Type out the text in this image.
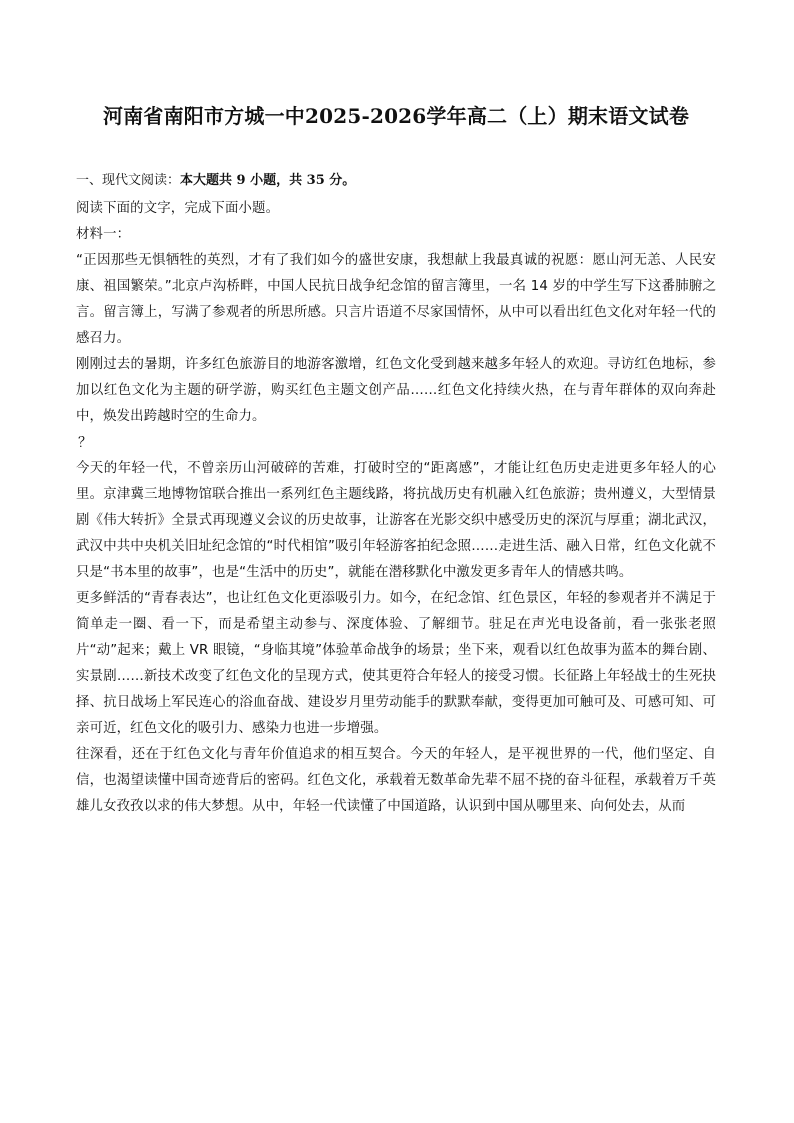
河南省南阳市方城一中2025-2026学年高二（上）期末语文试卷
一、现代文阅读：本大题共 9 小题，共 35 分。

阅读下面的文字，完成下面小题。

材料一：

“正因那些无惧牺牲的英烈，才有了我们如今的盛世安康，我想献上我最真诚的祝愿：愿山河无恙、人民安康、祖国繁荣。”北京卢沟桥畔，中国人民抗日战争纪念馆的留言簿里，一名 14 岁的中学生写下这番肺腑之言。留言簿上，写满了参观者的所思所感。只言片语道不尽家国情怀，从中可以看出红色文化对年轻一代的感召力。

刚刚过去的暑期，许多红色旅游目的地游客激增，红色文化受到越来越多年轻人的欢迎。寻访红色地标，参加以红色文化为主题的研学游，购买红色主题文创产品……红色文化持续火热，在与青年群体的双向奔赴中，焕发出跨越时空的生命力。

？

今天的年轻一代，不曾亲历山河破碎的苦难，打破时空的“距离感”，才能让红色历史走进更多年轻人的心里。京津冀三地博物馆联合推出一系列红色主题线路，将抗战历史有机融入红色旅游；贵州遵义，大型情景剧《伟大转折》全景式再现遵义会议的历史故事，让游客在光影交织中感受历史的深沉与厚重；湖北武汉，武汉中共中央机关旧址纪念馆的“时代相馆”吸引年轻游客拍纪念照……走进生活、融入日常，红色文化就不只是“书本里的故事”，也是“生活中的历史”，就能在潜移默化中激发更多青年人的情感共鸣。

更多鲜活的“青春表达”，也让红色文化更添吸引力。如今，在纪念馆、红色景区，年轻的参观者并不满足于简单走一圈、看一下，而是希望主动参与、深度体验、了解细节。驻足在声光电设备前，看一张张老照片“动”起来；戴上 VR 眼镜，“身临其境”体验革命战争的场景；坐下来，观看以红色故事为蓝本的舞台剧、实景剧……新技术改变了红色文化的呈现方式，使其更符合年轻人的接受习惯。长征路上年轻战士的生死抉择、抗日战场上军民连心的浴血奋战、建设岁月里劳动能手的默默奉献，变得更加可触可及、可感可知、可亲可近，红色文化的吸引力、感染力也进一步增强。

往深看，还在于红色文化与青年价值追求的相互契合。今天的年轻人，是平视世界的一代，他们坚定、自信，也渴望读懂中国奇迹背后的密码。红色文化，承载着无数革命先辈不屈不挠的奋斗征程，承载着万千英雄儿女孜孜以求的伟大梦想。从中，年轻一代读懂了中国道路，认识到中国从哪里来、向何处去，从而
